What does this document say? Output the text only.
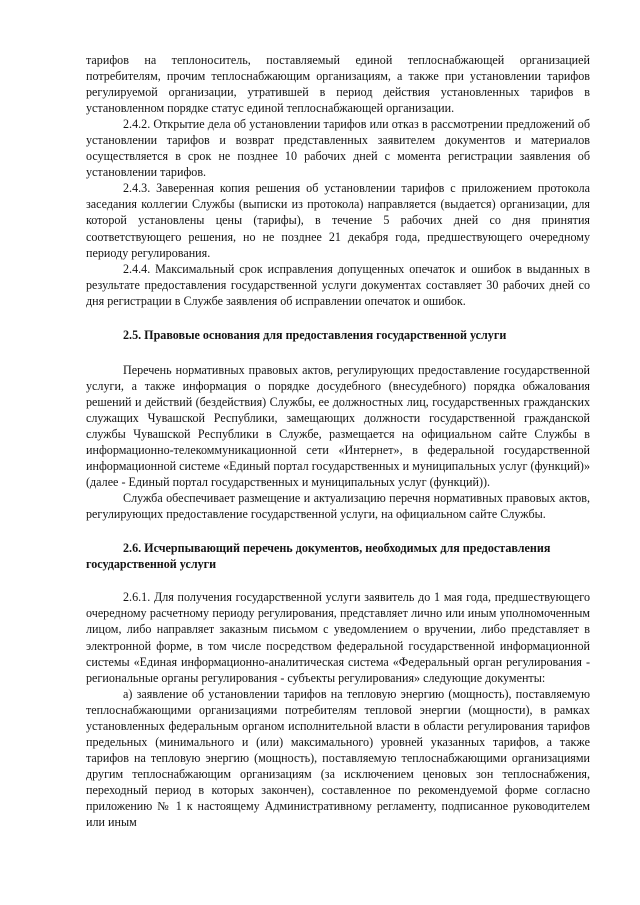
тарифов на теплоноситель, поставляемый единой теплоснабжающей организацией потребителям, прочим теплоснабжающим организациям, а также при установлении тарифов регулируемой организации, утратившей в период действия установленных тарифов в установленном порядке статус единой теплоснабжающей организации.

2.4.2. Открытие дела об установлении тарифов или отказ в рассмотрении предложений об установлении тарифов и возврат представленных заявителем документов и материалов осуществляется в срок не позднее 10 рабочих дней с момента регистрации заявления об установлении тарифов.

2.4.3. Заверенная копия решения об установлении тарифов с приложением протокола заседания коллегии Службы (выписки из протокола) направляется (выдается) организации, для которой установлены цены (тарифы), в течение 5 рабочих дней со дня принятия соответствующего решения, но не позднее 21 декабря года, предшествующего очередному периоду регулирования.

2.4.4. Максимальный срок исправления допущенных опечаток и ошибок в выданных в результате предоставления государственной услуги документах составляет 30 рабочих дней со дня регистрации в Службе заявления об исправлении опечаток и ошибок.

2.5. Правовые основания для предоставления государственной услуги

Перечень нормативных правовых актов, регулирующих предоставление государственной услуги, а также информация о порядке досудебного (внесудебного) порядка обжалования решений и действий (бездействия) Службы, ее должностных лиц, государственных гражданских служащих Чувашской Республики, замещающих должности государственной гражданской службы Чувашской Республики в Службе, размещается на официальном сайте Службы в информационно-телекоммуникационной сети «Интернет», в федеральной государственной информационной системе «Единый портал государственных и муниципальных услуг (функций)» (далее - Единый портал государственных и муниципальных услуг (функций)).

Служба обеспечивает размещение и актуализацию перечня нормативных правовых актов, регулирующих предоставление государственной услуги, на официальном сайте Службы.

2.6. Исчерпывающий перечень документов, необходимых для предоставления государственной услуги

2.6.1. Для получения государственной услуги заявитель до 1 мая года, предшествующего очередному расчетному периоду регулирования, представляет лично или иным уполномоченным лицом, либо направляет заказным письмом с уведомлением о вручении, либо представляет в электронной форме, в том числе посредством федеральной государственной информационной системы «Единая информационно-аналитическая система «Федеральный орган регулирования - региональные органы регулирования - субъекты регулирования» следующие документы:

а) заявление об установлении тарифов на тепловую энергию (мощность), поставляемую теплоснабжающими организациями потребителям тепловой энергии (мощности), в рамках установленных федеральным органом исполнительной власти в области регулирования тарифов предельных (минимального и (или) максимального) уровней указанных тарифов, а также тарифов на тепловую энергию (мощность), поставляемую теплоснабжающими организациями другим теплоснабжающим организациям (за исключением ценовых зон теплоснабжения, переходный период в которых закончен), составленное по рекомендуемой форме согласно приложению № 1 к настоящему Административному регламенту, подписанное руководителем или иным
